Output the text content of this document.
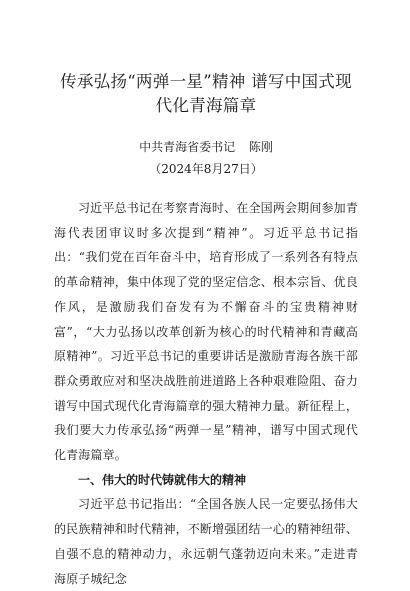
传承弘扬“两弹一星”精神 谱写中国式现代化青海篇章
中共青海省委书记 陈刚
（2024年8月27日）

习近平总书记在考察青海时、在全国两会期间参加青海代表团审议时多次提到“精神”。习近平总书记指出：“我们党在百年奋斗中，培育形成了一系列各有特点的革命精神，集中体现了党的坚定信念、根本宗旨、优良作风，是激励我们奋发有为不懈奋斗的宝贵精神财富”，“大力弘扬以改革创新为核心的时代精神和青藏高原精神”。习近平总书记的重要讲话是激励青海各族干部群众勇敢应对和坚决战胜前进道路上各种艰难险阻、奋力谱写中国式现代化青海篇章的强大精神力量。新征程上，我们要大力传承弘扬“两弹一星”精神，谱写中国式现代化青海篇章。

一、伟大的时代铸就伟大的精神

习近平总书记指出：“全国各族人民一定要弘扬伟大的民族精神和时代精神，不断增强团结一心的精神纽带、自强不息的精神动力，永远朝气蓬勃迈向未来。”走进青海原子城纪念
